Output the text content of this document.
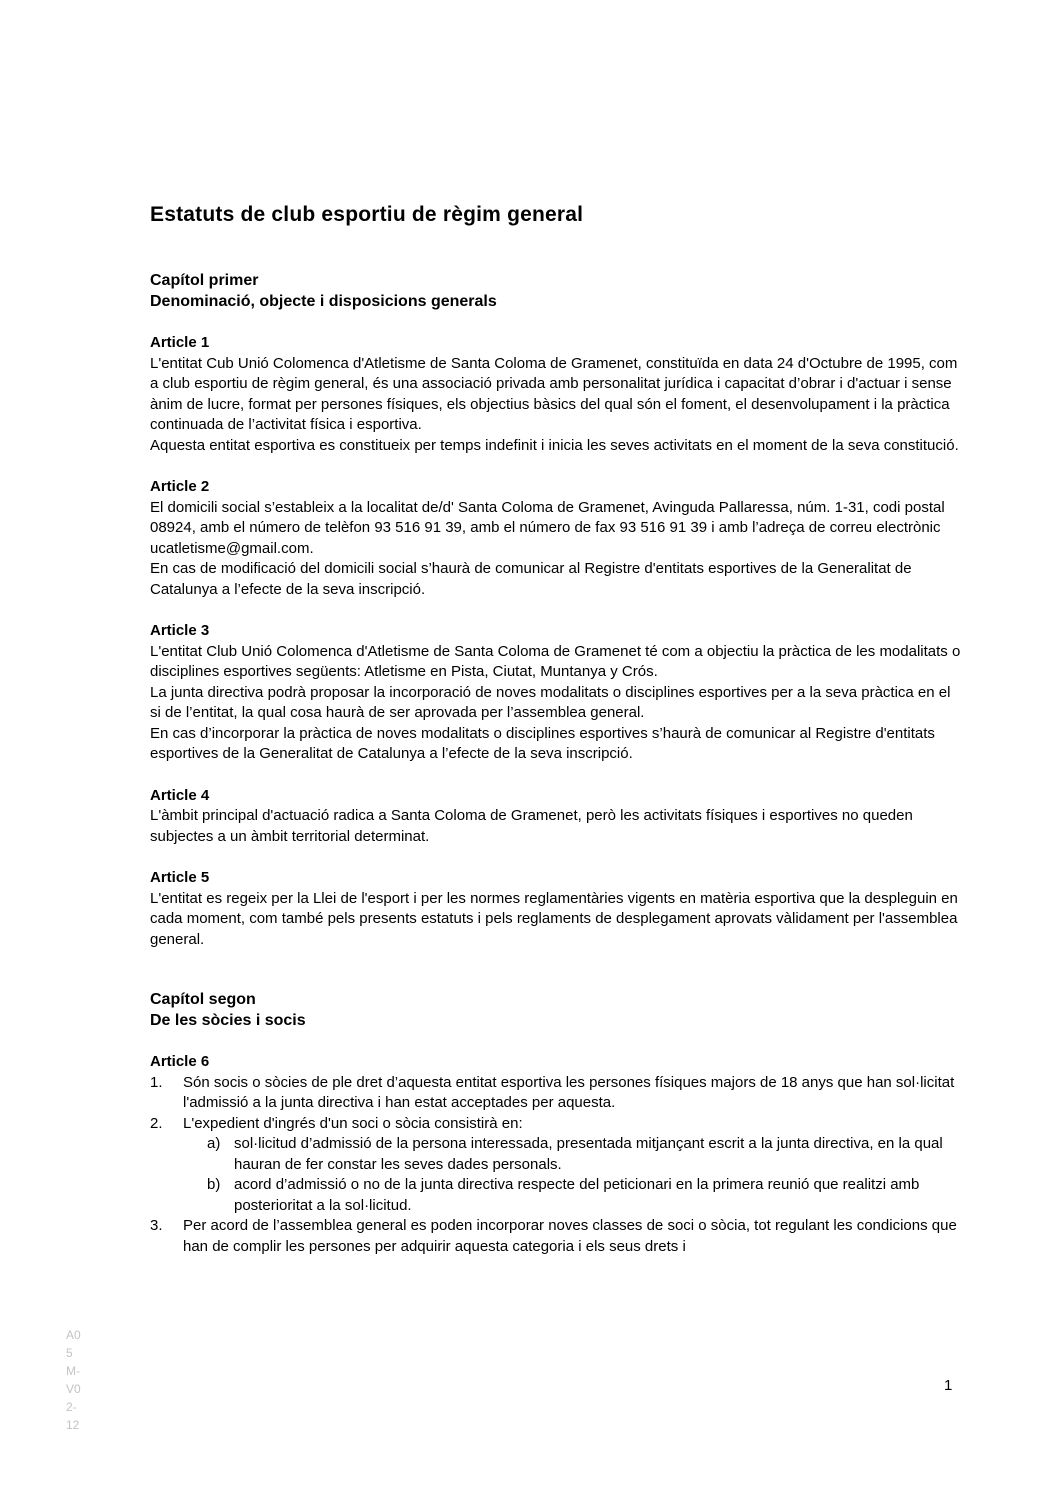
Estatuts de club esportiu de règim general
Capítol primer
Denominació, objecte i disposicions generals

Article 1

L'entitat Cub Unió Colomenca d'Atletisme de Santa Coloma de Gramenet, constituïda en data 24 d'Octubre de 1995, com a club esportiu de règim general, és una associació privada amb personalitat jurídica i capacitat d’obrar i d'actuar i sense ànim de lucre, format per persones físiques, els objectius bàsics del qual són el foment, el desenvolupament i la pràctica continuada de l’activitat física i esportiva.

Aquesta entitat esportiva es constitueix per temps indefinit i inicia les seves activitats en el moment de la seva constitució.

Article 2

El domicili social s’estableix a la localitat de/d' Santa Coloma de Gramenet, Avinguda Pallaressa, núm. 1-31, codi postal 08924, amb el número de telèfon 93 516 91 39, amb el número de fax 93 516 91 39 i amb l’adreça de correu electrònic ucatletisme@gmail.com.

En cas de modificació del domicili social s’haurà de comunicar al Registre d'entitats esportives de la Generalitat de Catalunya a l’efecte de la seva inscripció.

Article 3

L'entitat Club Unió Colomenca d'Atletisme de Santa Coloma de Gramenet té com a objectiu la pràctica de les modalitats o disciplines esportives següents: Atletisme en Pista, Ciutat, Muntanya y Crós.

La junta directiva podrà proposar la incorporació de noves modalitats o disciplines esportives per a la seva pràctica en el si de l’entitat, la qual cosa haurà de ser aprovada per l’assemblea general.

En cas d’incorporar la pràctica de noves modalitats o disciplines esportives s’haurà de comunicar al Registre d'entitats esportives de la Generalitat de Catalunya a l’efecte de la seva inscripció.

Article 4

L'àmbit principal d'actuació radica a Santa Coloma de Gramenet, però les activitats físiques i esportives no queden subjectes a un àmbit territorial determinat.

Article 5

L'entitat es regeix per la Llei de l'esport i per les normes reglamentàries vigents en matèria esportiva que la despleguin en cada moment, com també pels presents estatuts i pels reglaments de desplegament aprovats vàlidament per l'assemblea general.

Capítol segon
De les sòcies i socis

Article 6

1. Són socis o sòcies de ple dret d’aquesta entitat esportiva les persones físiques majors de 18 anys que han sol·licitat l'admissió a la junta directiva i han estat acceptades per aquesta.
2. L'expedient d'ingrés d'un soci o sòcia consistirà en:
a) sol·licitud d’admissió de la persona interessada, presentada mitjançant escrit a la junta directiva, en la qual hauran de fer constar les seves dades personals.
b) acord d’admissió o no de la junta directiva respecte del peticionari en la primera reunió que realitzi amb posterioritat a la sol·licitud.
3. Per acord de l’assemblea general es poden incorporar noves classes de soci o sòcia, tot regulant les condicions que han de complir les persones per adquirir aquesta categoria i els seus drets i
A0
5
M-
V0
2-
12
1
